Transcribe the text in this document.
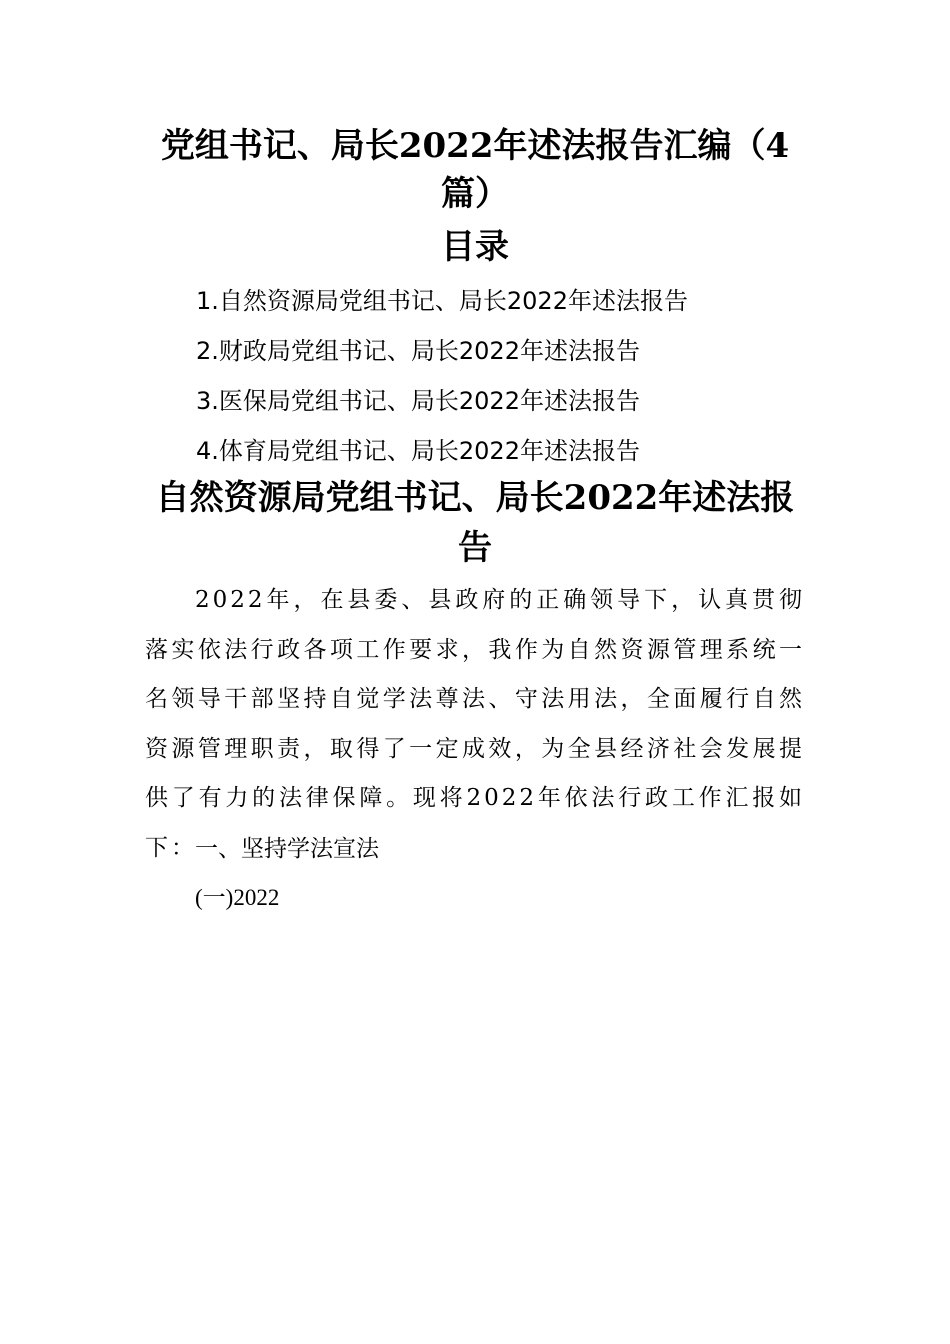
党组书记、局长2022年述法报告汇编（4篇）
目录
1.自然资源局党组书记、局长2022年述法报告
2.财政局党组书记、局长2022年述法报告
3.医保局党组书记、局长2022年述法报告
4.体育局党组书记、局长2022年述法报告
自然资源局党组书记、局长2022年述法报告

2022年，在县委、县政府的正确领导下，认真贯彻落实依法行政各项工作要求，我作为自然资源管理系统一名领导干部坚持自觉学法尊法、守法用法，全面履行自然资源管理职责，取得了一定成效，为全县经济社会发展提供了有力的法律保障。现将2022年依法行政工作汇报如下：

一、坚持学法宣法

(一)2022
